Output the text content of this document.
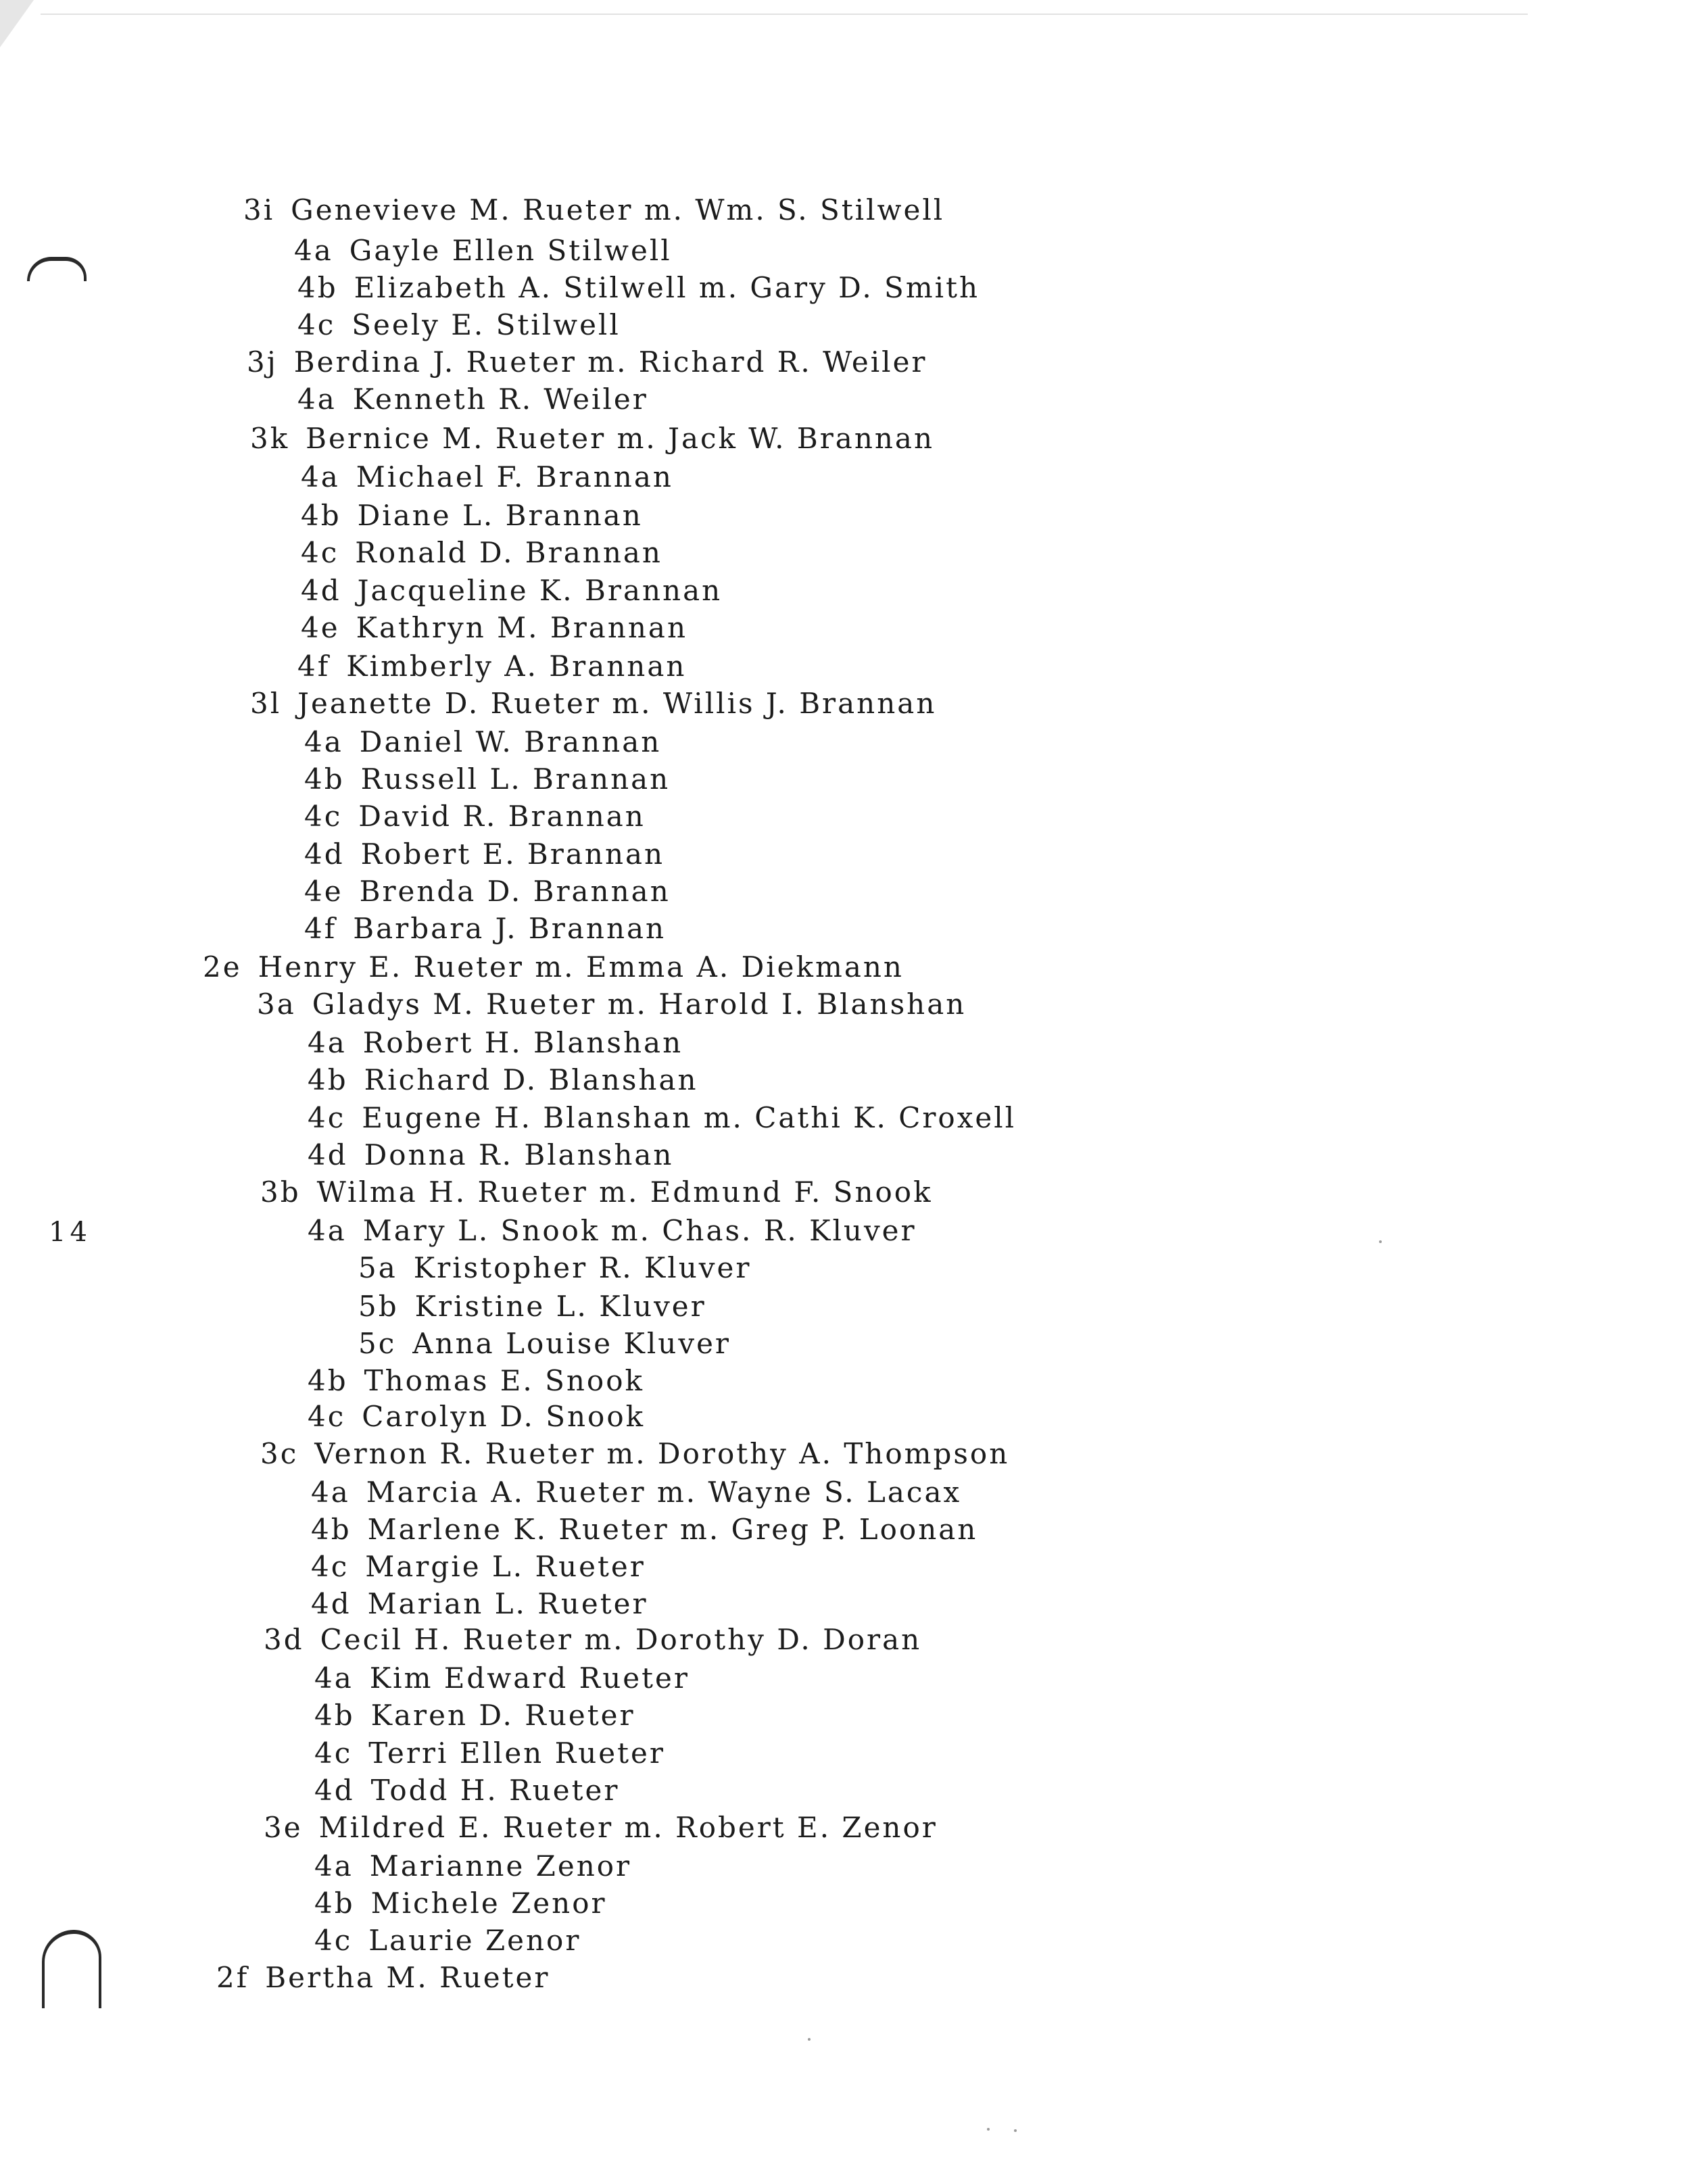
14
3i Genevieve M. Rueter m. Wm. S. Stilwell
4a Gayle Ellen Stilwell
4b Elizabeth A. Stilwell m. Gary D. Smith
4c Seely E. Stilwell
3j Berdina J. Rueter m. Richard R. Weiler
4a Kenneth R. Weiler
3k Bernice M. Rueter m. Jack W. Brannan
4a Michael F. Brannan
4b Diane L. Brannan
4c Ronald D. Brannan
4d Jacqueline K. Brannan
4e Kathryn M. Brannan
4f Kimberly A. Brannan
3l Jeanette D. Rueter m. Willis J. Brannan
4a Daniel W. Brannan
4b Russell L. Brannan
4c David R. Brannan
4d Robert E. Brannan
4e Brenda D. Brannan
4f Barbara J. Brannan
2e Henry E. Rueter m. Emma A. Diekmann
3a Gladys M. Rueter m. Harold I. Blanshan
4a Robert H. Blanshan
4b Richard D. Blanshan
4c Eugene H. Blanshan m. Cathi K. Croxell
4d Donna R. Blanshan
3b Wilma H. Rueter m. Edmund F. Snook
4a Mary L. Snook m. Chas. R. Kluver
5a Kristopher R. Kluver
5b Kristine L. Kluver
5c Anna Louise Kluver
4b Thomas E. Snook
4c Carolyn D. Snook
3c Vernon R. Rueter m. Dorothy A. Thompson
4a Marcia A. Rueter m. Wayne S. Lacax
4b Marlene K. Rueter m. Greg P. Loonan
4c Margie L. Rueter
4d Marian L. Rueter
3d Cecil H. Rueter m. Dorothy D. Doran
4a Kim Edward Rueter
4b Karen D. Rueter
4c Terri Ellen Rueter
4d Todd H. Rueter
3e Mildred E. Rueter m. Robert E. Zenor
4a Marianne Zenor
4b Michele Zenor
4c Laurie Zenor
2f Bertha M. Rueter
